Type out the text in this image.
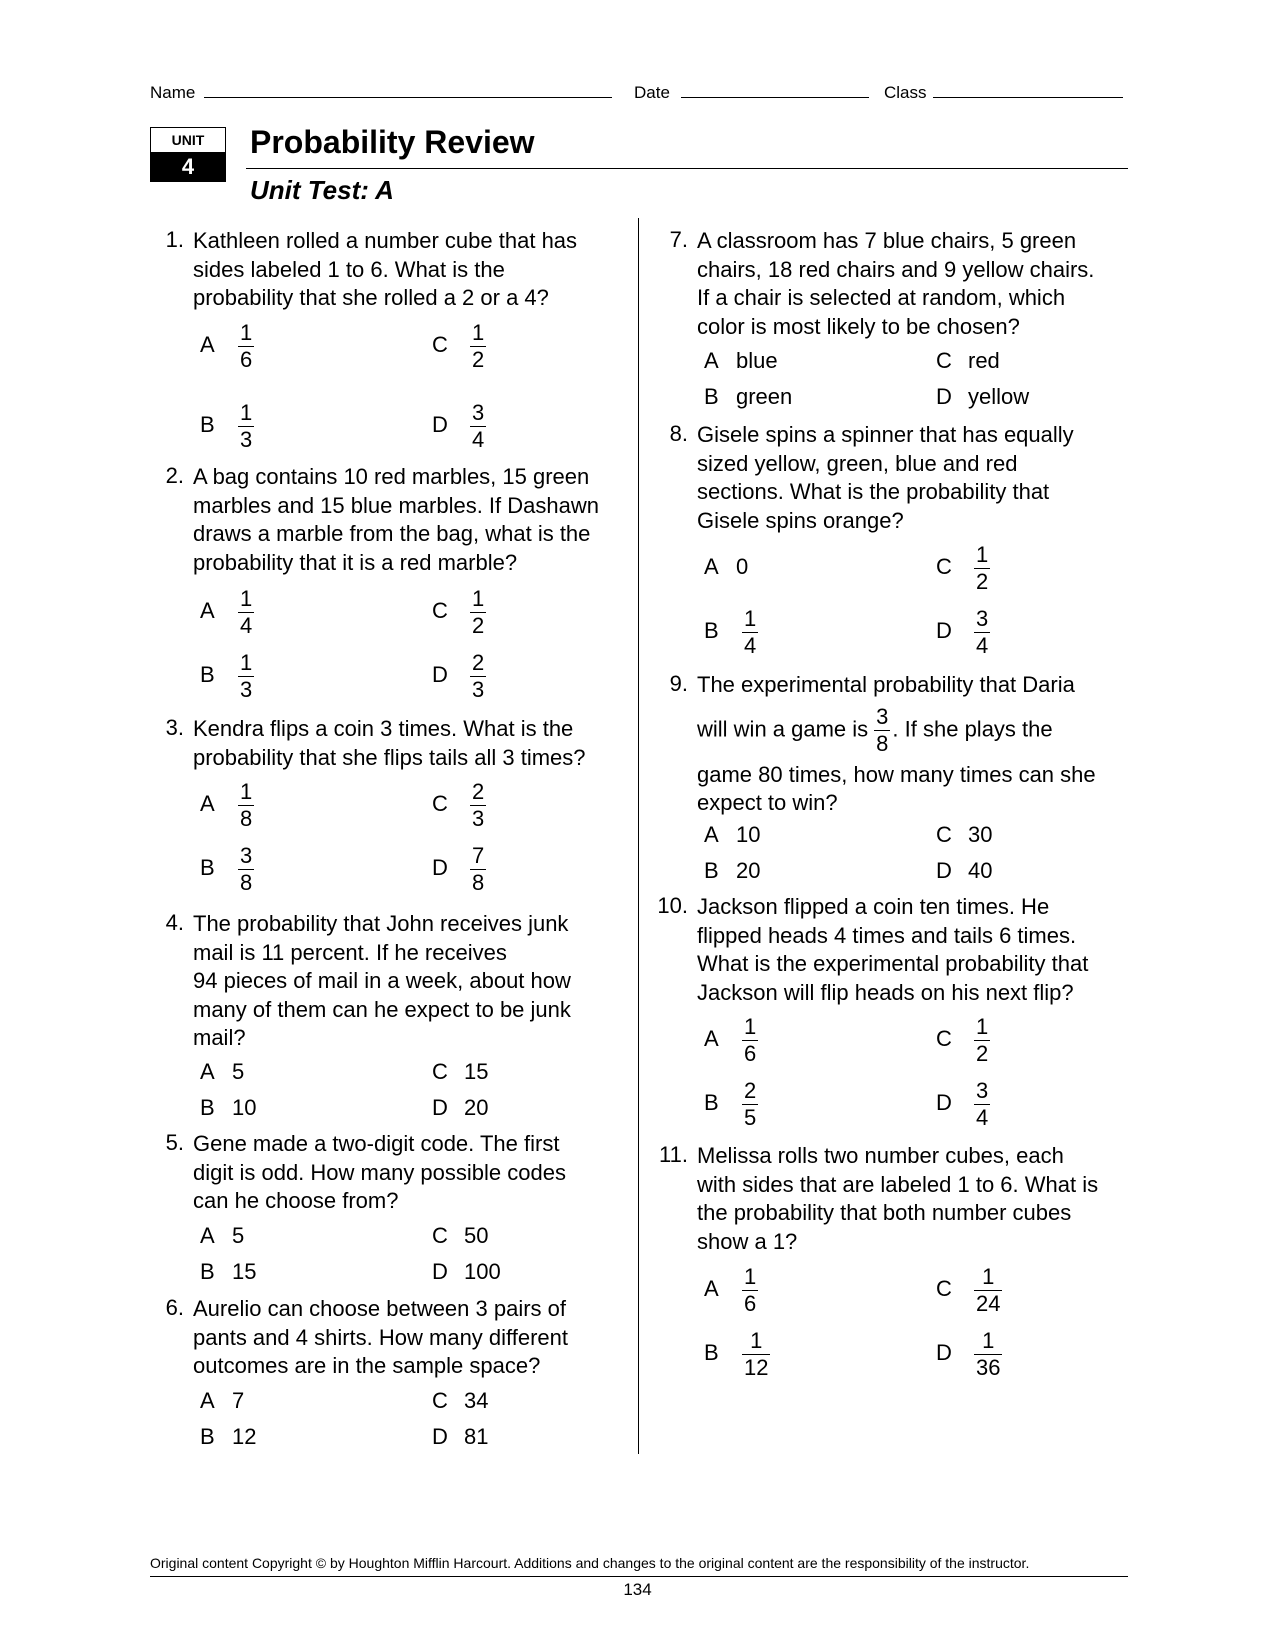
Name	Date	Class
UNIT
4
Probability Review
Unit Test: A
1. Kathleen rolled a number cube that has
sides labeled 1 to 6. What is the
probability that she rolled a 2 or a 4?
A $\frac{1}{6}$	C $\frac{1}{2}$
B $\frac{1}{3}$	D $\frac{3}{4}$
2. A bag contains 10 red marbles, 15 green
marbles and 15 blue marbles. If Dashawn
draws a marble from the bag, what is the
probability that it is a red marble?
A $\frac{1}{4}$	C $\frac{1}{2}$
B $\frac{1}{3}$	D $\frac{2}{3}$
3. Kendra flips a coin 3 times. What is the
probability that she flips tails all 3 times?
A $\frac{1}{8}$	C $\frac{2}{3}$
B $\frac{3}{8}$	D $\frac{7}{8}$
4. The probability that John receives junk
mail is 11 percent. If he receives
94 pieces of mail in a week, about how
many of them can he expect to be junk
mail?
A 5	C 15
B 10	D 20
5. Gene made a two-digit code. The first
digit is odd. How many possible codes
can he choose from?
A 5	C 50
B 15	D 100
6. Aurelio can choose between 3 pairs of
pants and 4 shirts. How many different
outcomes are in the sample space?
A 7	C 34
B 12	D 81
7. A classroom has 7 blue chairs, 5 green
chairs, 18 red chairs and 9 yellow chairs.
If a chair is selected at random, which
color is most likely to be chosen?
A blue	C red
B green	D yellow
8. Gisele spins a spinner that has equally
sized yellow, green, blue and red
sections. What is the probability that
Gisele spins orange?
A 0	C $\frac{1}{2}$
B $\frac{1}{4}$	D $\frac{3}{4}$
9. The experimental probability that Daria
will win a game is $\frac{3}{8}$ . If she plays the
game 80 times, how many times can she
expect to win?
A 10	C 30
B 20	D 40
10. Jackson flipped a coin ten times. He
flipped heads 4 times and tails 6 times.
What is the experimental probability that
Jackson will flip heads on his next flip?
A $\frac{1}{6}$	C $\frac{1}{2}$
B $\frac{2}{5}$	D $\frac{3}{4}$
11. Melissa rolls two number cubes, each
with sides that are labeled 1 to 6. What is
the probability that both number cubes
show a 1?
A $\frac{1}{6}$	C $\frac{1}{24}$
B $\frac{1}{12}$	D $\frac{1}{36}$
Original content Copyright © by Houghton Mifflin Harcourt. Additions and changes to the original content are the responsibility of the instructor.
134
